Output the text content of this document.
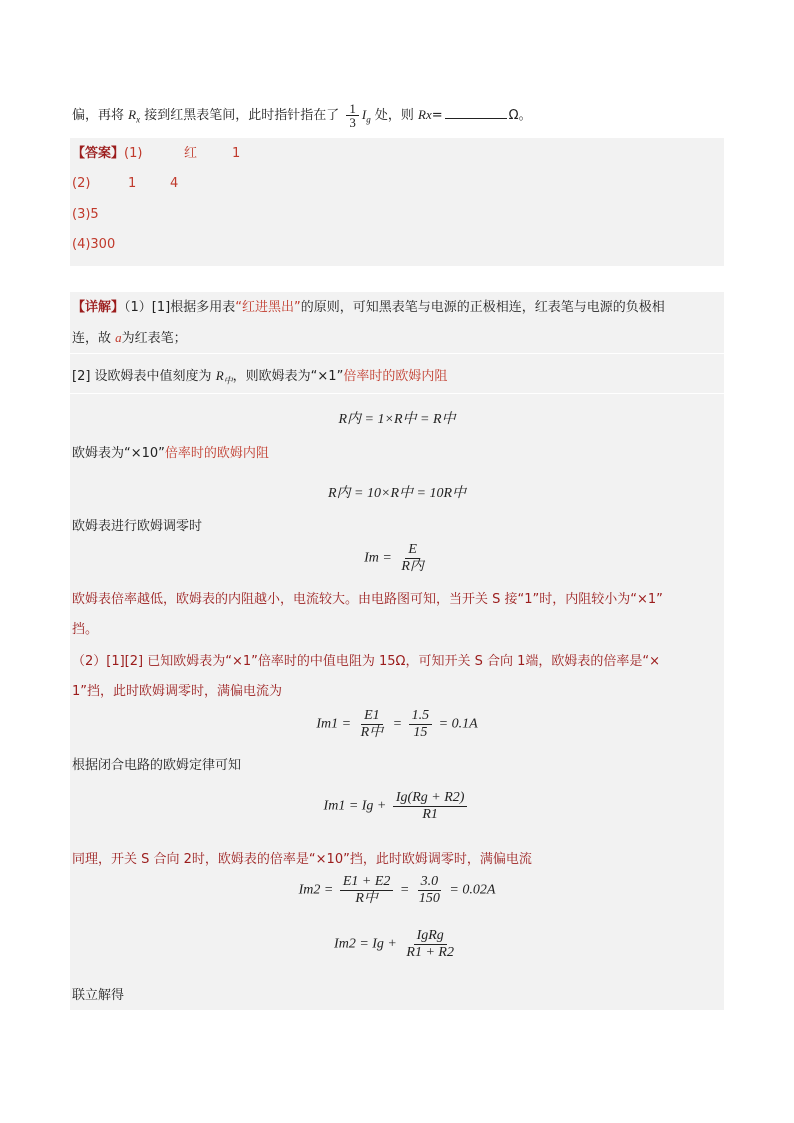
偏，再将 $R_x$ 接到红黑表笔间，此时指针指在了 $\frac{1}{3} I_g$ 处，则 Rx=	Ω。
【答案】(1)	红	1
(2)	1	4
(3)5
(4)300
【详解】（1）[1]根据多用表“红进黑出”的原则，可知黑表笔与电源的正极相连，红表笔与电源的负极相
连，故 a为红表笔；
[2] 设欧姆表中值刻度为 $R_中$，则欧姆表为“×1”倍率时的欧姆内阻
R内 = 1×R中 = R中
欧姆表为“×10”倍率时的欧姆内阻
R内 = 10×R中 = 10R中
欧姆表进行欧姆调零时
$Im = \frac{E}{\text{R内}}$
欧姆表倍率越低，欧姆表的内阻越小，电流较大。由电路图可知，当开关 S 接“1”时，内阻较小为“×1”
挡。
（2）[1][2] 已知欧姆表为“×1”倍率时的中值电阻为 15Ω，可知开关 S 合向 1端，欧姆表的倍率是“×
1”挡，此时欧姆调零时，满偏电流为
$Im1 = \frac{E1}{\text{R中}} = \frac{1.5}{15} = 0.1A$
根据闭合电路的欧姆定律可知
$Im1 = Ig + \frac{Ig(Rg + R2)}{R1}$
同理，开关 S 合向 2时，欧姆表的倍率是“×10”挡，此时欧姆调零时，满偏电流
$Im2 = \frac{E1 + E2}{\text{R中}} = \frac{3.0}{150} = 0.02A$
$Im2 = Ig + \frac{\text{IgRg}}{R1 + R2}$
联立解得
